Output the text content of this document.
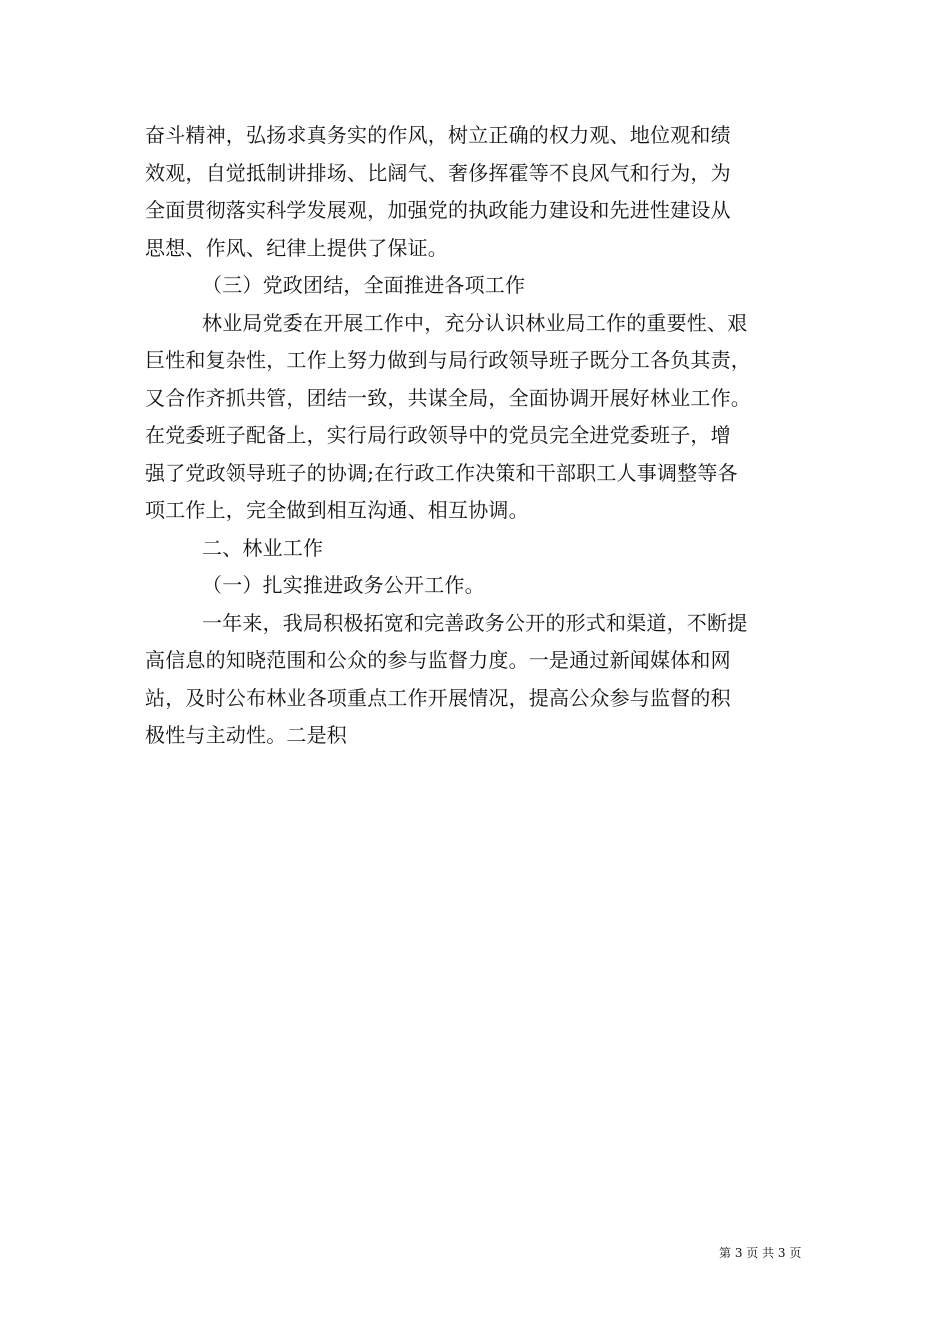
奋斗精神，弘扬求真务实的作风，树立正确的权力观、地位观和绩
效观，自觉抵制讲排场、比阔气、奢侈挥霍等不良风气和行为，为
全面贯彻落实科学发展观，加强党的执政能力建设和先进性建设从
思想、作风、纪律上提供了保证。
（三）党政团结，全面推进各项工作
林业局党委在开展工作中，充分认识林业局工作的重要性、艰
巨性和复杂性，工作上努力做到与局行政领导班子既分工各负其责，
又合作齐抓共管，团结一致，共谋全局，全面协调开展好林业工作。
在党委班子配备上，实行局行政领导中的党员完全进党委班子，增
强了党政领导班子的协调;在行政工作决策和干部职工人事调整等各
项工作上，完全做到相互沟通、相互协调。
二、林业工作
（一）扎实推进政务公开工作。
一年来，我局积极拓宽和完善政务公开的形式和渠道，不断提
高信息的知晓范围和公众的参与监督力度。一是通过新闻媒体和网
站，及时公布林业各项重点工作开展情况，提高公众参与监督的积
极性与主动性。二是积
第 3 页 共 3 页
